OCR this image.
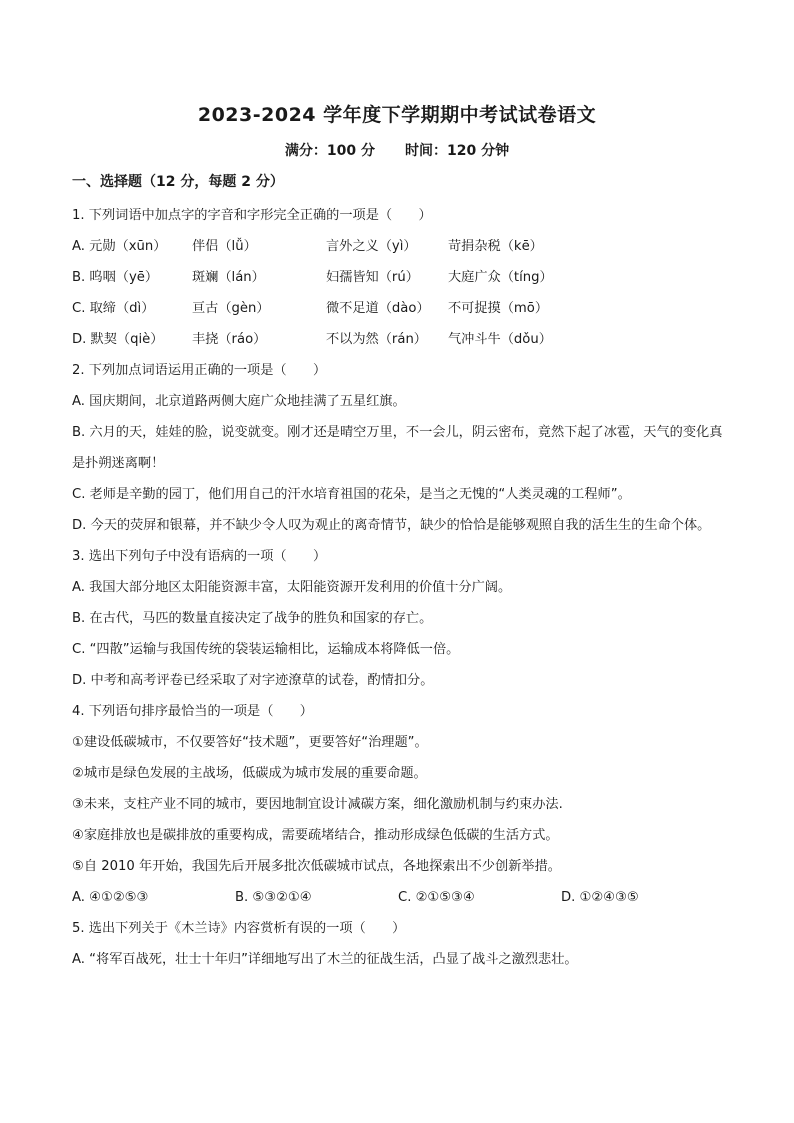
2023-2024 学年度下学期期中考试试卷语文
满分：100 分 时间：120 分钟
一、选择题（12 分，每题 2 分）
1. 下列词语中加点字的字音和字形完全正确的一项是（　　）
A. 元勋（xūn）	伴侣（lǚ）	言外之义（yì）	苛捐杂税（kē）
B. 呜咽（yē）	斑斓（lán）	妇孺皆知（rú）	大庭广众（tíng）
C. 取缔（dì）	亘古（gèn）	微不足道（dào）	不可捉摸（mō）
D. 默契（qiè）	丰挠（ráo）	不以为然（rán）	气冲斗牛（dǒu）
2. 下列加点词语运用正确的一项是（　　）
A. 国庆期间，北京道路两侧大庭广众地挂满了五星红旗。
B. 六月的天，娃娃的脸，说变就变。刚才还是晴空万里，不一会儿，阴云密布，竟然下起了冰雹，天气的变化真是扑朔迷离啊！
C. 老师是辛勤的园丁，他们用自己的汗水培育祖国的花朵，是当之无愧的“人类灵魂的工程师”。
D. 今天的荧屏和银幕，并不缺少令人叹为观止的离奇情节，缺少的恰恰是能够观照自我的活生生的生命个体。
3. 选出下列句子中没有语病的一项（　　）
A. 我国大部分地区太阳能资源丰富，太阳能资源开发利用的价值十分广阔。
B. 在古代，马匹的数量直接决定了战争的胜负和国家的存亡。
C. “四散”运输与我国传统的袋装运输相比，运输成本将降低一倍。
D. 中考和高考评卷已经采取了对字迹潦草的试卷，酌情扣分。
4. 下列语句排序最恰当的一项是（　　）
①建设低碳城市，不仅要答好“技术题”，更要答好“治理题”。
②城市是绿色发展的主战场，低碳成为城市发展的重要命题。
③未来，支柱产业不同的城市，要因地制宜设计减碳方案，细化激励机制与约束办法.
④家庭排放也是碳排放的重要构成，需要疏堵结合，推动形成绿色低碳的生活方式。
⑤自 2010 年开始，我国先后开展多批次低碳城市试点，各地探索出不少创新举措。
A. ④①②⑤③	B. ⑤③②①④	C. ②①⑤③④	D. ①②④③⑤
5. 选出下列关于《木兰诗》内容赏析有误的一项（　　）
A. “将军百战死，壮士十年归”详细地写出了木兰的征战生活，凸显了战斗之激烈悲壮。
